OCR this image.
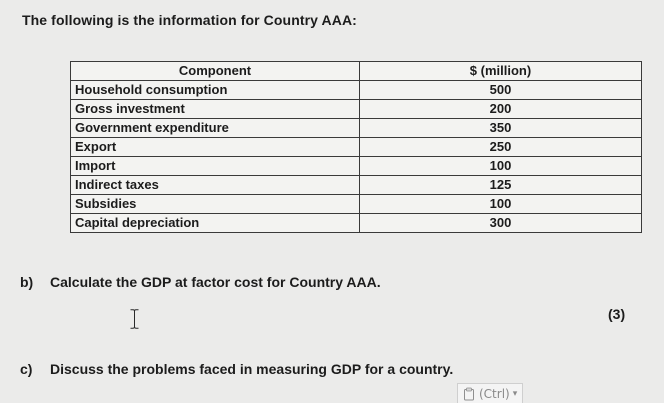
The following is the information for Country AAA:
Component	$ (million)
Household consumption	500
Gross investment	200
Government expenditure	350
Export	250
Import	100
Indirect taxes	125
Subsidies	100
Capital depreciation	300
b) Calculate the GDP at factor cost for Country AAA.
(3)
c) Discuss the problems faced in measuring GDP for a country.
(Ctrl) ▾
